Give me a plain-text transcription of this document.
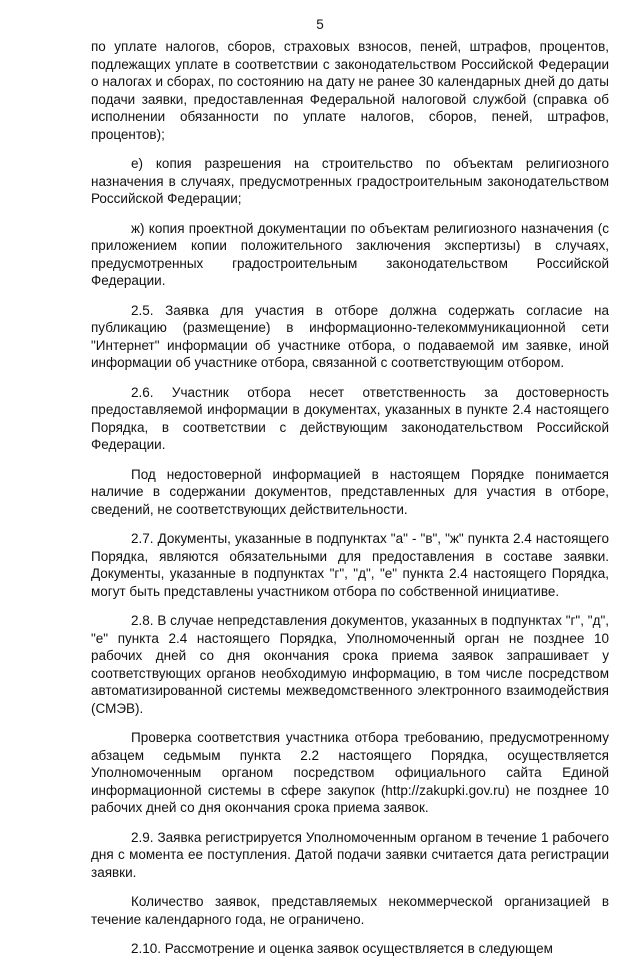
5

по уплате налогов, сборов, страховых взносов, пеней, штрафов, процентов, подлежащих уплате в соответствии с законодательством Российской Федерации о налогах и сборах, по состоянию на дату не ранее 30 календарных дней до даты подачи заявки, предоставленная Федеральной налоговой службой (справка об исполнении обязанности по уплате налогов, сборов, пеней, штрафов, процентов);

е) копия разрешения на строительство по объектам религиозного назначения в случаях, предусмотренных градостроительным законодательством Российской Федерации;

ж) копия проектной документации по объектам религиозного назначения (с приложением копии положительного заключения экспертизы) в случаях, предусмотренных градостроительным законодательством Российской Федерации.

2.5. Заявка для участия в отборе должна содержать согласие на публикацию (размещение) в информационно-телекоммуникационной сети "Интернет" информации об участнике отбора, о подаваемой им заявке, иной информации об участнике отбора, связанной с соответствующим отбором.

2.6. Участник отбора несет ответственность за достоверность предоставляемой информации в документах, указанных в пункте 2.4 настоящего Порядка, в соответствии с действующим законодательством Российской Федерации.

Под недостоверной информацией в настоящем Порядке понимается наличие в содержании документов, представленных для участия в отборе, сведений, не соответствующих действительности.

2.7. Документы, указанные в подпунктах "а" - "в", "ж" пункта 2.4 настоящего Порядка, являются обязательными для предоставления в составе заявки. Документы, указанные в подпунктах "г", "д", "е" пункта 2.4 настоящего Порядка, могут быть представлены участником отбора по собственной инициативе.

2.8. В случае непредставления документов, указанных в подпунктах "г", "д", "е" пункта 2.4 настоящего Порядка, Уполномоченный орган не позднее 10 рабочих дней со дня окончания срока приема заявок запрашивает у соответствующих органов необходимую информацию, в том числе посредством автоматизированной системы межведомственного электронного взаимодействия (СМЭВ).

Проверка соответствия участника отбора требованию, предусмотренному абзацем седьмым пункта 2.2 настоящего Порядка, осуществляется Уполномоченным органом посредством официального сайта Единой информационной системы в сфере закупок (http://zakupki.gov.ru) не позднее 10 рабочих дней со дня окончания срока приема заявок.

2.9. Заявка регистрируется Уполномоченным органом в течение 1 рабочего дня с момента ее поступления. Датой подачи заявки считается дата регистрации заявки.

Количество заявок, представляемых некоммерческой организацией в течение календарного года, не ограничено.

2.10. Рассмотрение и оценка заявок осуществляется в следующем
